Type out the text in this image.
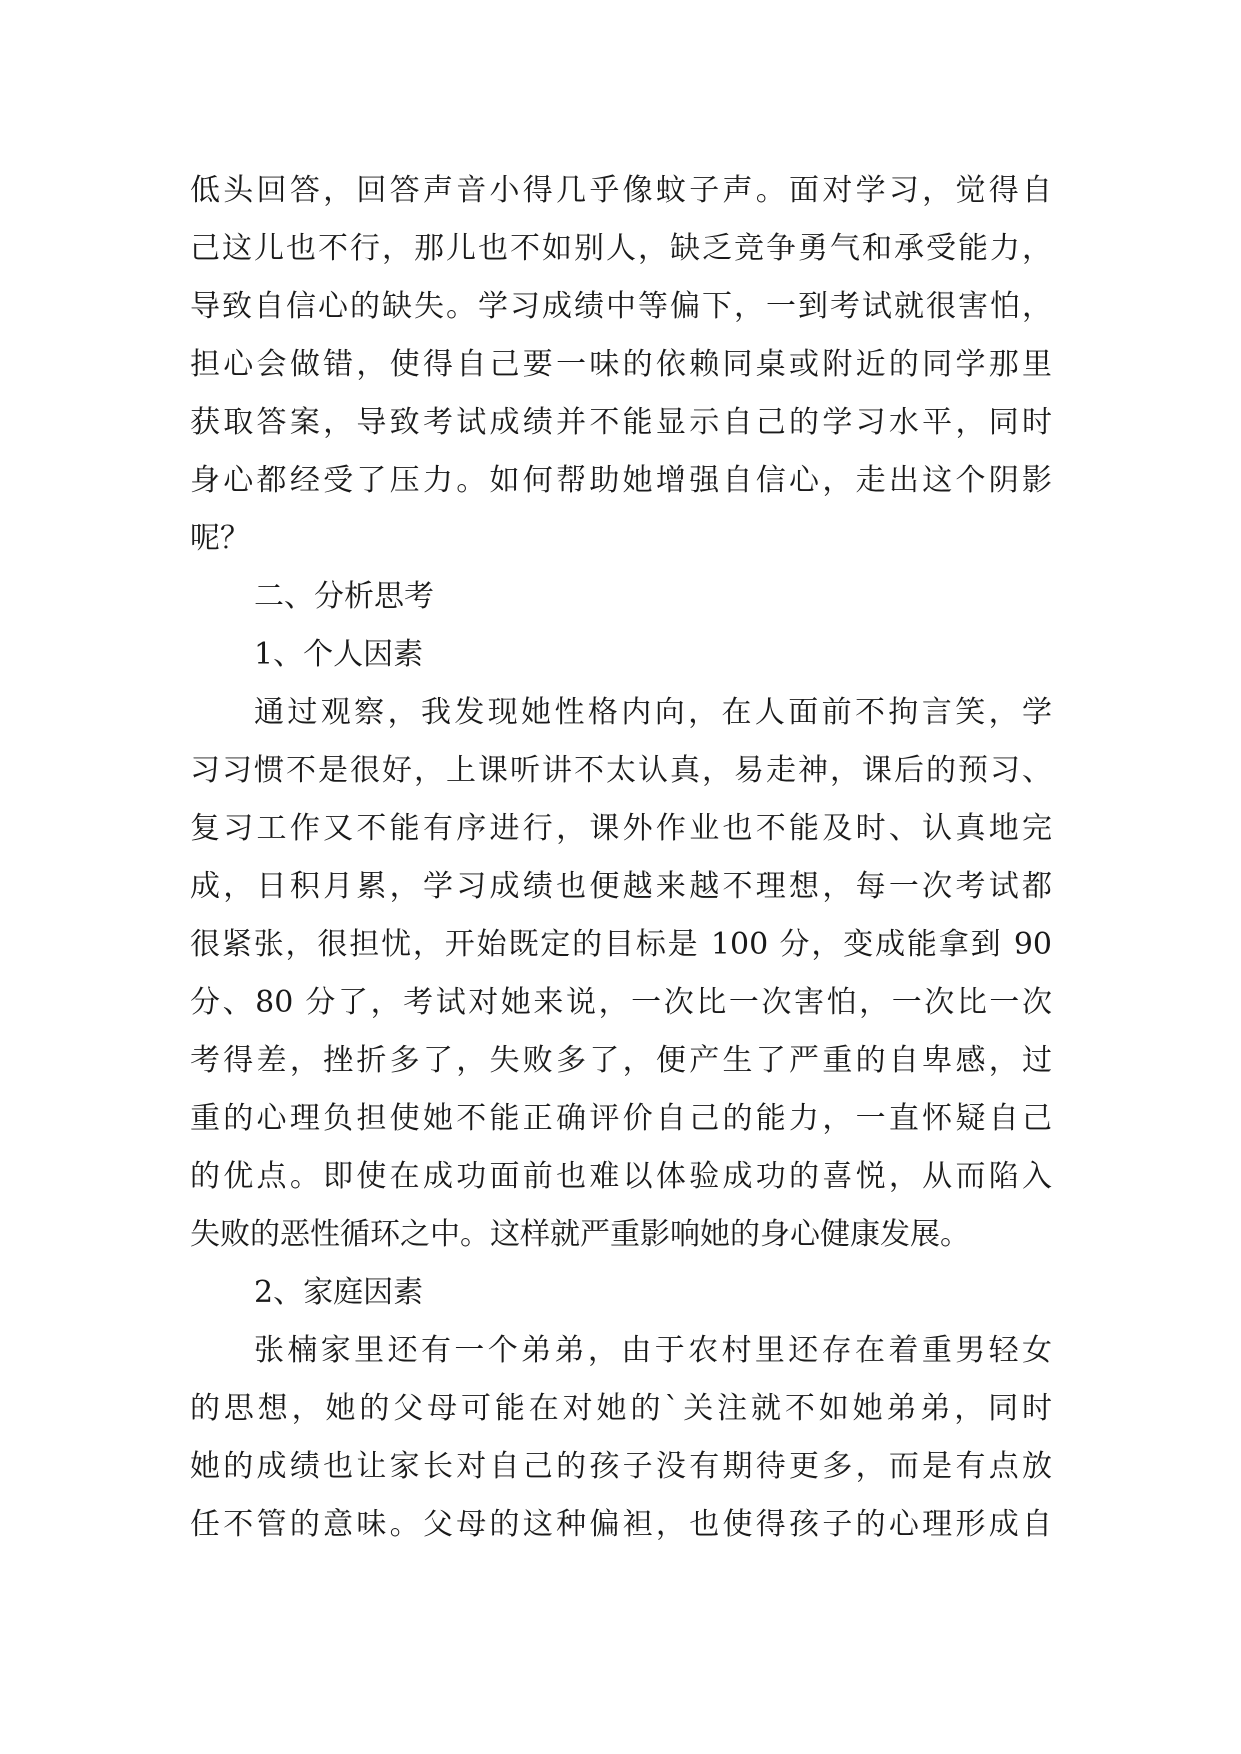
低头回答，回答声音小得几乎像蚊子声。面对学习，觉得自
己这儿也不行，那儿也不如别人，缺乏竞争勇气和承受能力，
导致自信心的缺失。学习成绩中等偏下，一到考试就很害怕，
担心会做错，使得自己要一味的依赖同桌或附近的同学那里
获取答案，导致考试成绩并不能显示自己的学习水平，同时
身心都经受了压力。如何帮助她增强自信心，走出这个阴影
呢？
二、分析思考
1、个人因素
通过观察，我发现她性格内向，在人面前不拘言笑，学
习习惯不是很好，上课听讲不太认真，易走神，课后的预习、
复习工作又不能有序进行，课外作业也不能及时、认真地完
成，日积月累，学习成绩也便越来越不理想，每一次考试都
很紧张，很担忧，开始既定的目标是 100 分，变成能拿到 90
分、80 分了，考试对她来说，一次比一次害怕，一次比一次
考得差，挫折多了，失败多了，便产生了严重的自卑感，过
重的心理负担使她不能正确评价自己的能力，一直怀疑自己
的优点。即使在成功面前也难以体验成功的喜悦，从而陷入
失败的恶性循环之中。这样就严重影响她的身心健康发展。
2、家庭因素
张楠家里还有一个弟弟，由于农村里还存在着重男轻女
的思想，她的父母可能在对她的`关注就不如她弟弟，同时
她的成绩也让家长对自己的孩子没有期待更多，而是有点放
任不管的意味。父母的这种偏袒，也使得孩子的心理形成自
